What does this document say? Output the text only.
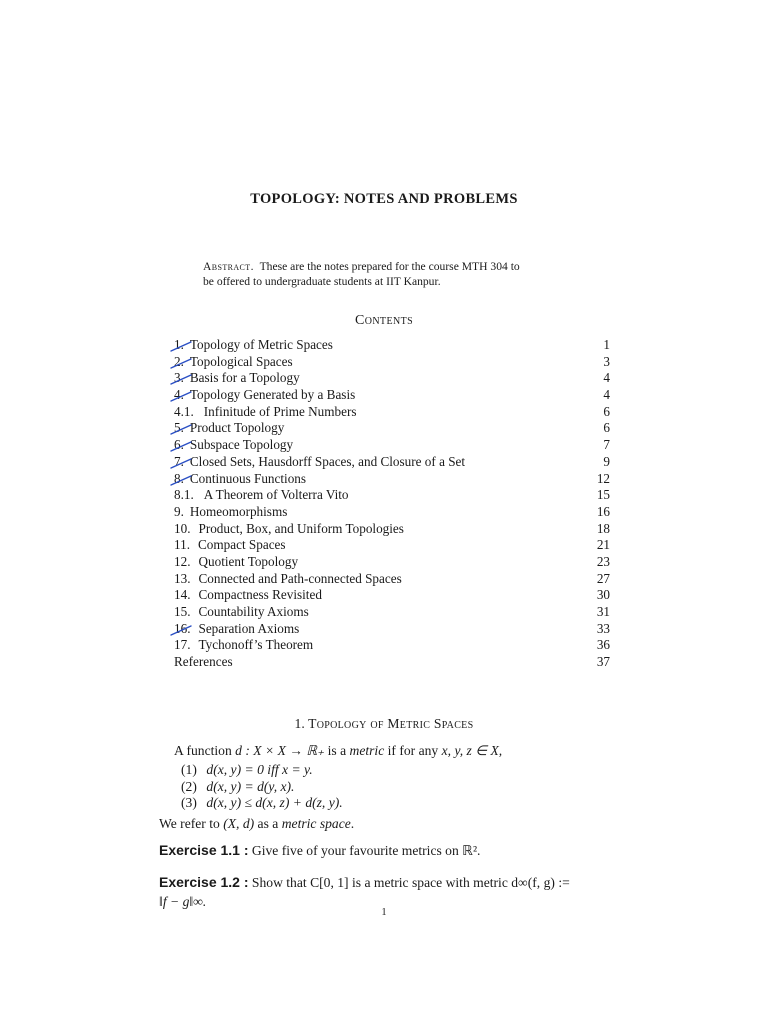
TOPOLOGY: NOTES AND PROBLEMS
Abstract. These are the notes prepared for the course MTH 304 to
be offered to undergraduate students at IIT Kanpur.
Contents
1. Topology of Metric Spaces	1
2. Topological Spaces	3
3. Basis for a Topology	4
4. Topology Generated by a Basis	4
4.1. Infinitude of Prime Numbers	6
5. Product Topology	6
6. Subspace Topology	7
7. Closed Sets, Hausdorff Spaces, and Closure of a Set	9
8. Continuous Functions	12
8.1. A Theorem of Volterra Vito	15
9. Homeomorphisms	16
10. Product, Box, and Uniform Topologies	18
11. Compact Spaces	21
12. Quotient Topology	23
13. Connected and Path-connected Spaces	27
14. Compactness Revisited	30
15. Countability Axioms	31
16. Separation Axioms	33
17. Tychonoff’s Theorem	36
References	37
1. Topology of Metric Spaces
A function d : X × X → ℝ₊ is a metric if for any x, y, z ∈ X,
(1) d(x, y) = 0 iff x = y.
(2) d(x, y) = d(y, x).
(3) d(x, y) ≤ d(x, z) + d(z, y).
We refer to (X, d) as a metric space.
Exercise 1.1 : Give five of your favourite metrics on ℝ².
Exercise 1.2 : Show that C[0, 1] is a metric space with metric d∞(f, g) :=
‖f − g‖∞.
1
